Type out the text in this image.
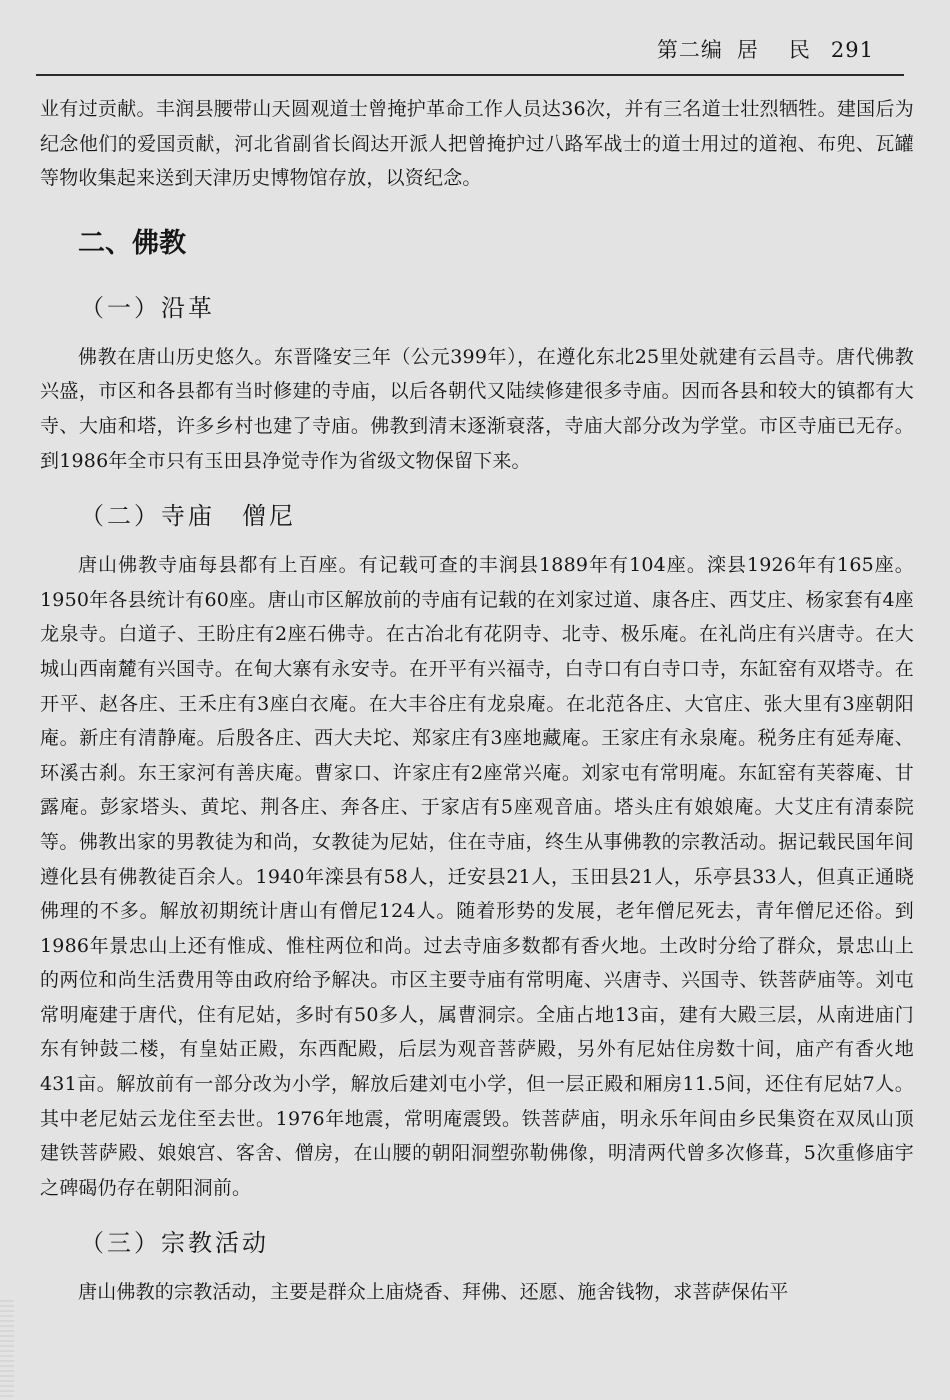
第二编 居 民 291

业有过贡献。丰润县腰带山天圆观道士曾掩护革命工作人员达36次，并有三名道士壮烈牺牲。建国后为纪念他们的爱国贡献，河北省副省长阎达开派人把曾掩护过八路军战士的道士用过的道袍、布兜、瓦罐等物收集起来送到天津历史博物馆存放，以资纪念。

二、佛教
（一）沿革

佛教在唐山历史悠久。东晋隆安三年（公元399年），在遵化东北25里处就建有云昌寺。唐代佛教兴盛，市区和各县都有当时修建的寺庙，以后各朝代又陆续修建很多寺庙。因而各县和较大的镇都有大寺、大庙和塔，许多乡村也建了寺庙。佛教到清末逐渐衰落，寺庙大部分改为学堂。市区寺庙已无存。到1986年全市只有玉田县净觉寺作为省级文物保留下来。

（二）寺庙　僧尼

唐山佛教寺庙每县都有上百座。有记载可查的丰润县1889年有104座。滦县1926年有165座。1950年各县统计有60座。唐山市区解放前的寺庙有记载的在刘家过道、康各庄、西艾庄、杨家套有4座龙泉寺。白道子、王盼庄有2座石佛寺。在古冶北有花阴寺、北寺、极乐庵。在礼尚庄有兴唐寺。在大城山西南麓有兴国寺。在甸大寨有永安寺。在开平有兴福寺，白寺口有白寺口寺，东缸窑有双塔寺。在开平、赵各庄、王禾庄有3座白衣庵。在大丰谷庄有龙泉庵。在北范各庄、大官庄、张大里有3座朝阳庵。新庄有清静庵。后殷各庄、西大夫坨、郑家庄有3座地藏庵。王家庄有永泉庵。税务庄有延寿庵、环溪古刹。东王家河有善庆庵。曹家口、许家庄有2座常兴庵。刘家屯有常明庵。东缸窑有芙蓉庵、甘露庵。彭家塔头、黄坨、荆各庄、奔各庄、于家店有5座观音庙。塔头庄有娘娘庵。大艾庄有清泰院等。佛教出家的男教徒为和尚，女教徒为尼姑，住在寺庙，终生从事佛教的宗教活动。据记载民国年间遵化县有佛教徒百余人。1940年滦县有58人，迁安县21人，玉田县21人，乐亭县33人，但真正通晓佛理的不多。解放初期统计唐山有僧尼124人。随着形势的发展，老年僧尼死去，青年僧尼还俗。到1986年景忠山上还有惟成、惟柱两位和尚。过去寺庙多数都有香火地。土改时分给了群众，景忠山上的两位和尚生活费用等由政府给予解决。市区主要寺庙有常明庵、兴唐寺、兴国寺、铁菩萨庙等。刘屯常明庵建于唐代，住有尼姑，多时有50多人，属曹洞宗。全庙占地13亩，建有大殿三层，从南进庙门东有钟鼓二楼，有皇姑正殿，东西配殿，后层为观音菩萨殿，另外有尼姑住房数十间，庙产有香火地431亩。解放前有一部分改为小学，解放后建刘屯小学，但一层正殿和厢房11.5间，还住有尼姑7人。其中老尼姑云龙住至去世。1976年地震，常明庵震毁。铁菩萨庙，明永乐年间由乡民集资在双凤山顶建铁菩萨殿、娘娘宫、客舍、僧房，在山腰的朝阳洞塑弥勒佛像，明清两代曾多次修葺，5次重修庙宇之碑碣仍存在朝阳洞前。

（三）宗教活动

唐山佛教的宗教活动，主要是群众上庙烧香、拜佛、还愿、施舍钱物，求菩萨保佑平
